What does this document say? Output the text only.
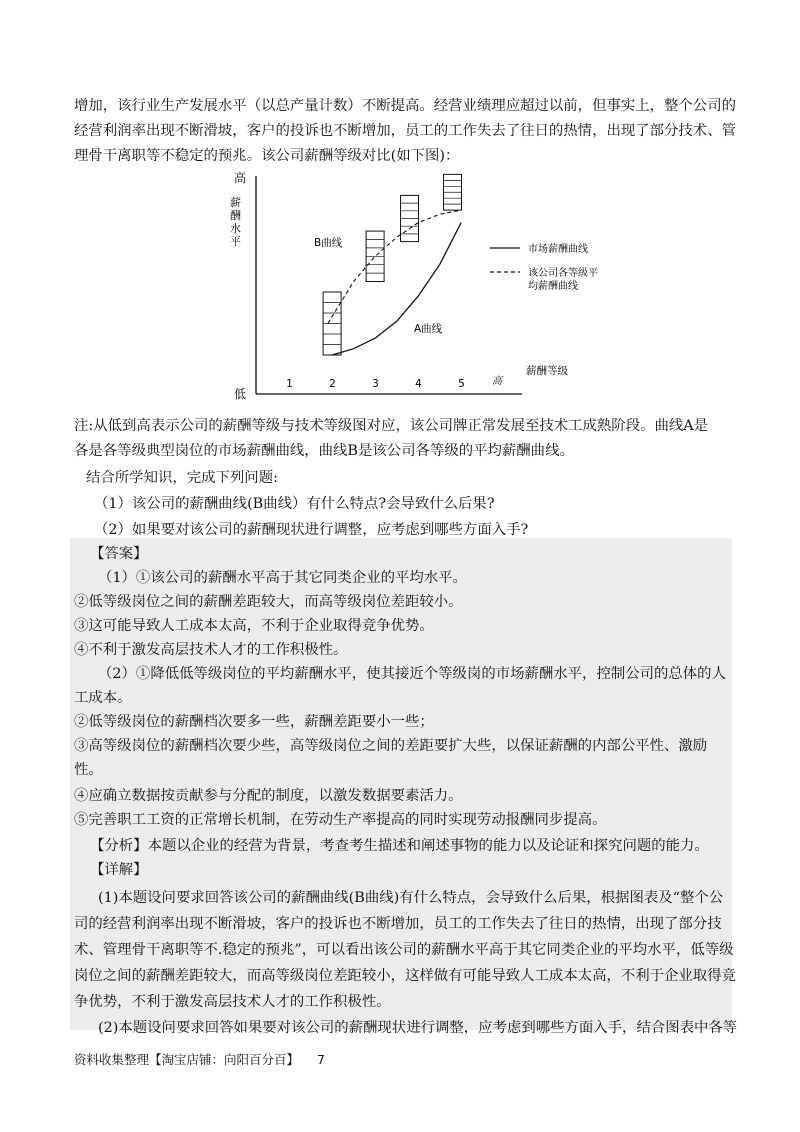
增加，该行业生产发展水平（以总产量计数）不断提高。经营业绩理应超过以前，但事实上，整个公司的

经营利润率出现不断滑坡，客户的投诉也不断增加，员工的工作失去了往日的热情，出现了部分技术、管

理骨干离职等不稳定的预兆。该公司薪酬等级对比(如下图)：

高
低
薪酬水平
高
薪酬等级
B曲线
A曲线
1	2	3	4	5
市场薪酬曲线
该公司各等级平
均薪酬曲线

注:从低到高表示公司的薪酬等级与技术等级图对应，该公司牌正常发展至技术工成熟阶段。曲线A是

各是各等级典型岗位的市场薪酬曲线，曲线B是该公司各等级的平均薪酬曲线。

结合所学知识，完成下列问题:

（1）该公司的薪酬曲线(B曲线）有什么特点?会导致什么后果?

（2）如果要对该公司的薪酬现状进行调整，应考虑到哪些方面入手?

【答案】
（1）①该公司的薪酬水平高于其它同类企业的平均水平。
②低等级岗位之间的薪酬差距较大，而高等级岗位差距较小。
③这可能导致人工成本太高，不利于企业取得竞争优势。
④不利于激发高层技术人才的工作积极性。
（2）①降低低等级岗位的平均薪酬水平，使其接近个等级岗的市场薪酬水平，控制公司的总体的人
工成本。
②低等级岗位的薪酬档次要多一些，薪酬差距要小一些；
③高等级岗位的薪酬档次要少些，高等级岗位之间的差距要扩大些，以保证薪酬的内部公平性、激励
性。
④应确立数据按贡献参与分配的制度，以激发数据要素活力。
⑤完善职工工资的正常增长机制，在劳动生产率提高的同时实现劳动报酬同步提高。
【分析】本题以企业的经营为背景，考查考生描述和阐述事物的能力以及论证和探究问题的能力。
【详解】
(1)本题设问要求回答该公司的薪酬曲线(B曲线)有什么特点，会导致什么后果，根据图表及“整个公
司的经营利润率出现不断滑坡，客户的投诉也不断增加，员工的工作失去了往日的热情，出现了部分技
术、管理骨干离职等不.稳定的预兆”，可以看出该公司的薪酬水平高于其它同类企业的平均水平，低等级
岗位之间的薪酬差距较大，而高等级岗位差距较小，这样做有可能导致人工成本太高，不利于企业取得竞
争优势，不利于激发高层技术人才的工作积极性。
(2)本题设问要求回答如果要对该公司的薪酬现状进行调整，应考虑到哪些方面入手，结合图表中各等
资料收集整理【淘宝店铺：向阳百分百】 7
